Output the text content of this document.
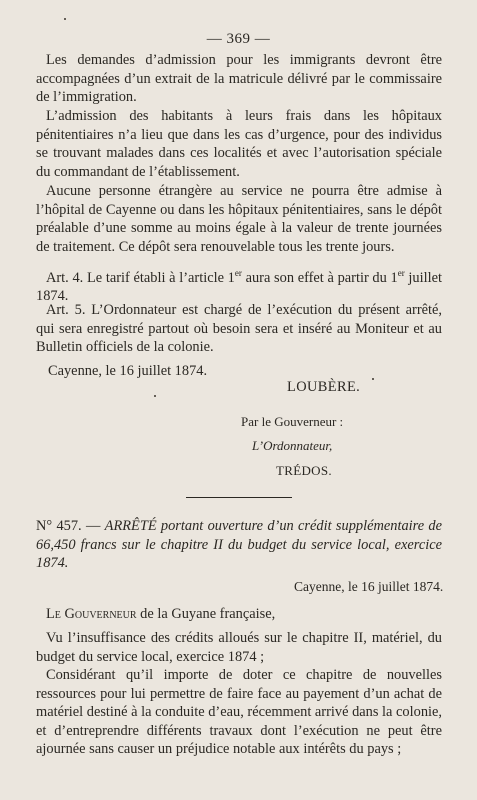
— 369 —
Les demandes d’admission pour les immigrants devront être accompagnées d’un extrait de la matricule délivré par le commissaire de l’immigration.
L’admission des habitants à leurs frais dans les hôpitaux pénitentiaires n’a lieu que dans les cas d’urgence, pour des individus se trouvant malades dans ces localités et avec l’autorisation spéciale du commandant de l’établissement.
Aucune personne étrangère au service ne pourra être admise à l’hôpital de Cayenne ou dans les hôpitaux pénitentiaires, sans le dépôt préalable d’une somme au moins égale à la valeur de trente journées de traitement. Ce dépôt sera renouvelable tous les trente jours.
Art. 4. Le tarif établi à l’article 1er aura son effet à partir du 1er juillet 1874.
Art. 5. L’Ordonnateur est chargé de l’exécution du présent arrêté, qui sera enregistré partout où besoin sera et inséré au Moniteur et au Bulletin officiels de la colonie.
Cayenne, le 16 juillet 1874.
LOUBÈRE.
Par le Gouverneur :
L’Ordonnateur,
TRÉDOS.
N° 457. — ARRÊTÉ portant ouverture d’un crédit supplémentaire de 66,450 francs sur le chapitre II du budget du service local, exercice 1874.
Cayenne, le 16 juillet 1874.
Le Gouverneur de la Guyane française,
Vu l’insuffisance des crédits alloués sur le chapitre II, matériel, du budget du service local, exercice 1874 ;
Considérant qu’il importe de doter ce chapitre de nouvelles ressources pour lui permettre de faire face au payement d’un achat de matériel destiné à la conduite d’eau, récemment arrivé dans la colonie, et d’entreprendre différents travaux dont l’exécution ne peut être ajournée sans causer un préjudice notable aux intérêts du pays ;
